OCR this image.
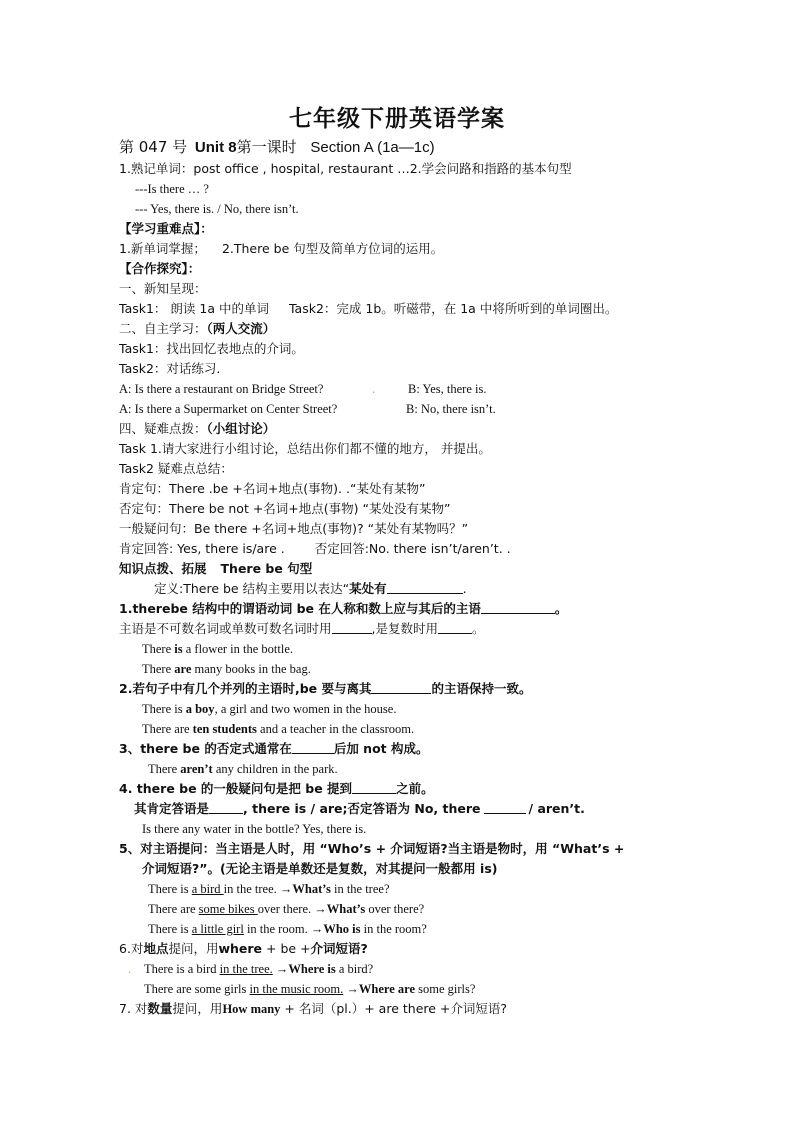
七年级下册英语学案
第 047 号 Unit 8第一课时 Section A (1a—1c)
1.熟记单词：post office , hospital, restaurant …2.学会问路和指路的基本句型
---Is there … ?
--- Yes, there is. / No, there isn’t.
【学习重难点】：
1.新单词掌握； 2.There be 句型及简单方位词的运用。
【合作探究】：
一、新知呈现：
Task1： 朗读 1a 中的单词 Task2：完成 1b。听磁带，在 1a 中将所听到的单词圈出。
二、自主学习：（两人交流）
Task1：找出回忆表地点的介词。
Task2：对话练习.
A: Is there a restaurant on Bridge Street?	.	B: Yes, there is.
A: Is there a Supermarket on Center Street?	B: No, there isn’t.
四、疑难点拨：（小组讨论）
Task 1.请大家进行小组讨论，总结出你们都不懂的地方， 并提出。
Task2 疑难点总结：
肯定句：There .be +名词+地点(事物). .“某处有某物”
否定句：There be not +名词+地点(事物) “某处没有某物”
一般疑问句：Be there +名词+地点(事物)? “某处有某物吗？”
肯定回答: Yes, there is/are . 否定回答:No. there isn’t/aren’t. .
知识点拨、拓展 There be 句型
定义:There be 结构主要用以表达“某处有	.
1.therebe 结构中的谓语动词 be 在人称和数上应与其后的主语	。
主语是不可数名词或单数可数名词时用	,是复数时用	。
There is a flower in the bottle.
There are many books in the bag.
2.若句子中有几个并列的主语时,be 要与离其	的主语保持一致。
There is a boy, a girl and two women in the house.
There are ten students and a teacher in the classroom.
3、there be 的否定式通常在	后加 not 构成。
There aren’t any children in the park.
4. there be 的一般疑问句是把 be 提到	之前。
其肯定答语是	, there is / are;否定答语为 No, there	/ aren’t.
Is there any water in the bottle? Yes, there is.
5、对主语提问：当主语是人时，用 “Who’s + 介词短语?当主语是物时，用 “What’s +
介词短语?”。(无论主语是单数还是复数，对其提问一般都用 is)
There is a bird in the tree. →What’s in the tree?
There are some bikes over there. →What’s over there?
There is a little girl in the room. →Who is in the room?
6.对地点提问，用where + be +介词短语?
. There is a bird in the tree. →Where is a bird?
There are some girls in the music room. →Where are some girls?
7. 对数量提问，用How many + 名词（pl.）+ are there +介词短语?
